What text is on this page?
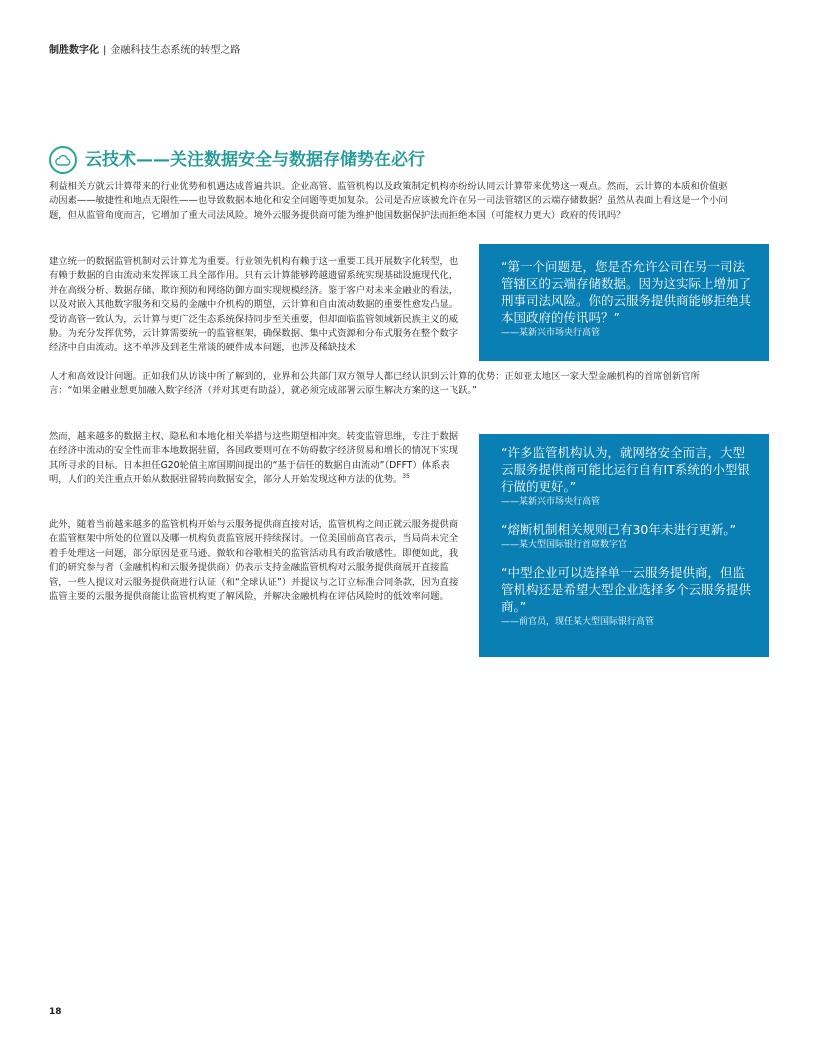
制胜数字化 | 金融科技生态系统的转型之路
云技术——关注数据安全与数据存储势在必行

利益相关方就云计算带来的行业优势和机遇达成普遍共识。企业高管、监管机构以及政策制定机构亦纷纷认同云计算带来优势这一观点。然而，云计算的本质和价值驱动因素——敏捷性和地点无限性——也导致数据本地化和安全问题等更加复杂。公司是否应该被允许在另一司法管辖区的云端存储数据？虽然从表面上看这是一个小问题，但从监管角度而言，它增加了重大司法风险。境外云服务提供商可能为维护他国数据保护法而拒绝本国（可能权力更大）政府的传讯吗？

建立统一的数据监管机制对云计算尤为重要。行业领先机构有赖于这一重要工具开展数字化转型，也有赖于数据的自由流动来发挥该工具全部作用。只有云计算能够跨越遗留系统实现基础设施现代化，并在高级分析、数据存储、欺诈预防和网络防御方面实现规模经济。鉴于客户对未来金融业的看法，以及对嵌入其他数字服务和交易的金融中介机构的期望，云计算和自由流动数据的重要性愈发凸显。受访高管一致认为，云计算与更广泛生态系统保持同步至关重要，但却面临监管领域新民族主义的威胁。为充分发挥优势，云计算需要统一的监管框架，确保数据、集中式资源和分布式服务在整个数字经济中自由流动。这不单涉及到老生常谈的硬件成本问题，也涉及稀缺技术

人才和高效设计问题。正如我们从访谈中所了解到的，业界和公共部门双方领导人都已经认识到云计算的优势：正如亚太地区一家大型金融机构的首席创新官所言：“如果金融业想更加融入数字经济（并对其更有助益），就必须完成部署云原生解决方案的这一飞跃。”

然而，越来越多的数据主权、隐私和本地化相关举措与这些期望相冲突。转变监管思维，专注于数据在经济中流动的安全性而非本地数据驻留，各国政要则可在不妨碍数字经济贸易和增长的情况下实现其所寻求的目标。日本担任G20轮值主席国期间提出的“基于信任的数据自由流动”（DFFT）体系表明，人们的关注重点开始从数据驻留转向数据安全，部分人开始发现这种方法的优势。$^{35}$

此外，随着当前越来越多的监管机构开始与云服务提供商直接对话，监管机构之间正就云服务提供商在监管框架中所处的位置以及哪一机构负责监管展开持续探讨。一位美国前高官表示，当局尚未完全着手处理这一问题，部分原因是亚马逊、微软和谷歌相关的监管活动具有政治敏感性。即便如此，我们的研究参与者（金融机构和云服务提供商）仍表示支持金融监管机构对云服务提供商展开直接监管，一些人提议对云服务提供商进行认证（和“全球认证”）并提议与之订立标准合同条款，因为直接监管主要的云服务提供商能让监管机构更了解风险，并解决金融机构在评估风险时的低效率问题。

“第一个问题是，您是否允许公司在另一司法管辖区的云端存储数据。因为这实际上增加了刑事司法风险。你的云服务提供商能够拒绝其本国政府的传讯吗？”

——某新兴市场央行高管

“许多监管机构认为，就网络安全而言，大型云服务提供商可能比运行自有IT系统的小型银行做的更好。”

——某新兴市场央行高管

“熔断机制相关规则已有30年未进行更新。”

——某大型国际银行首席数字官

“中型企业可以选择单一云服务提供商，但监管机构还是希望大型企业选择多个云服务提供商。”

——前官员，现任某大型国际银行高管

18
